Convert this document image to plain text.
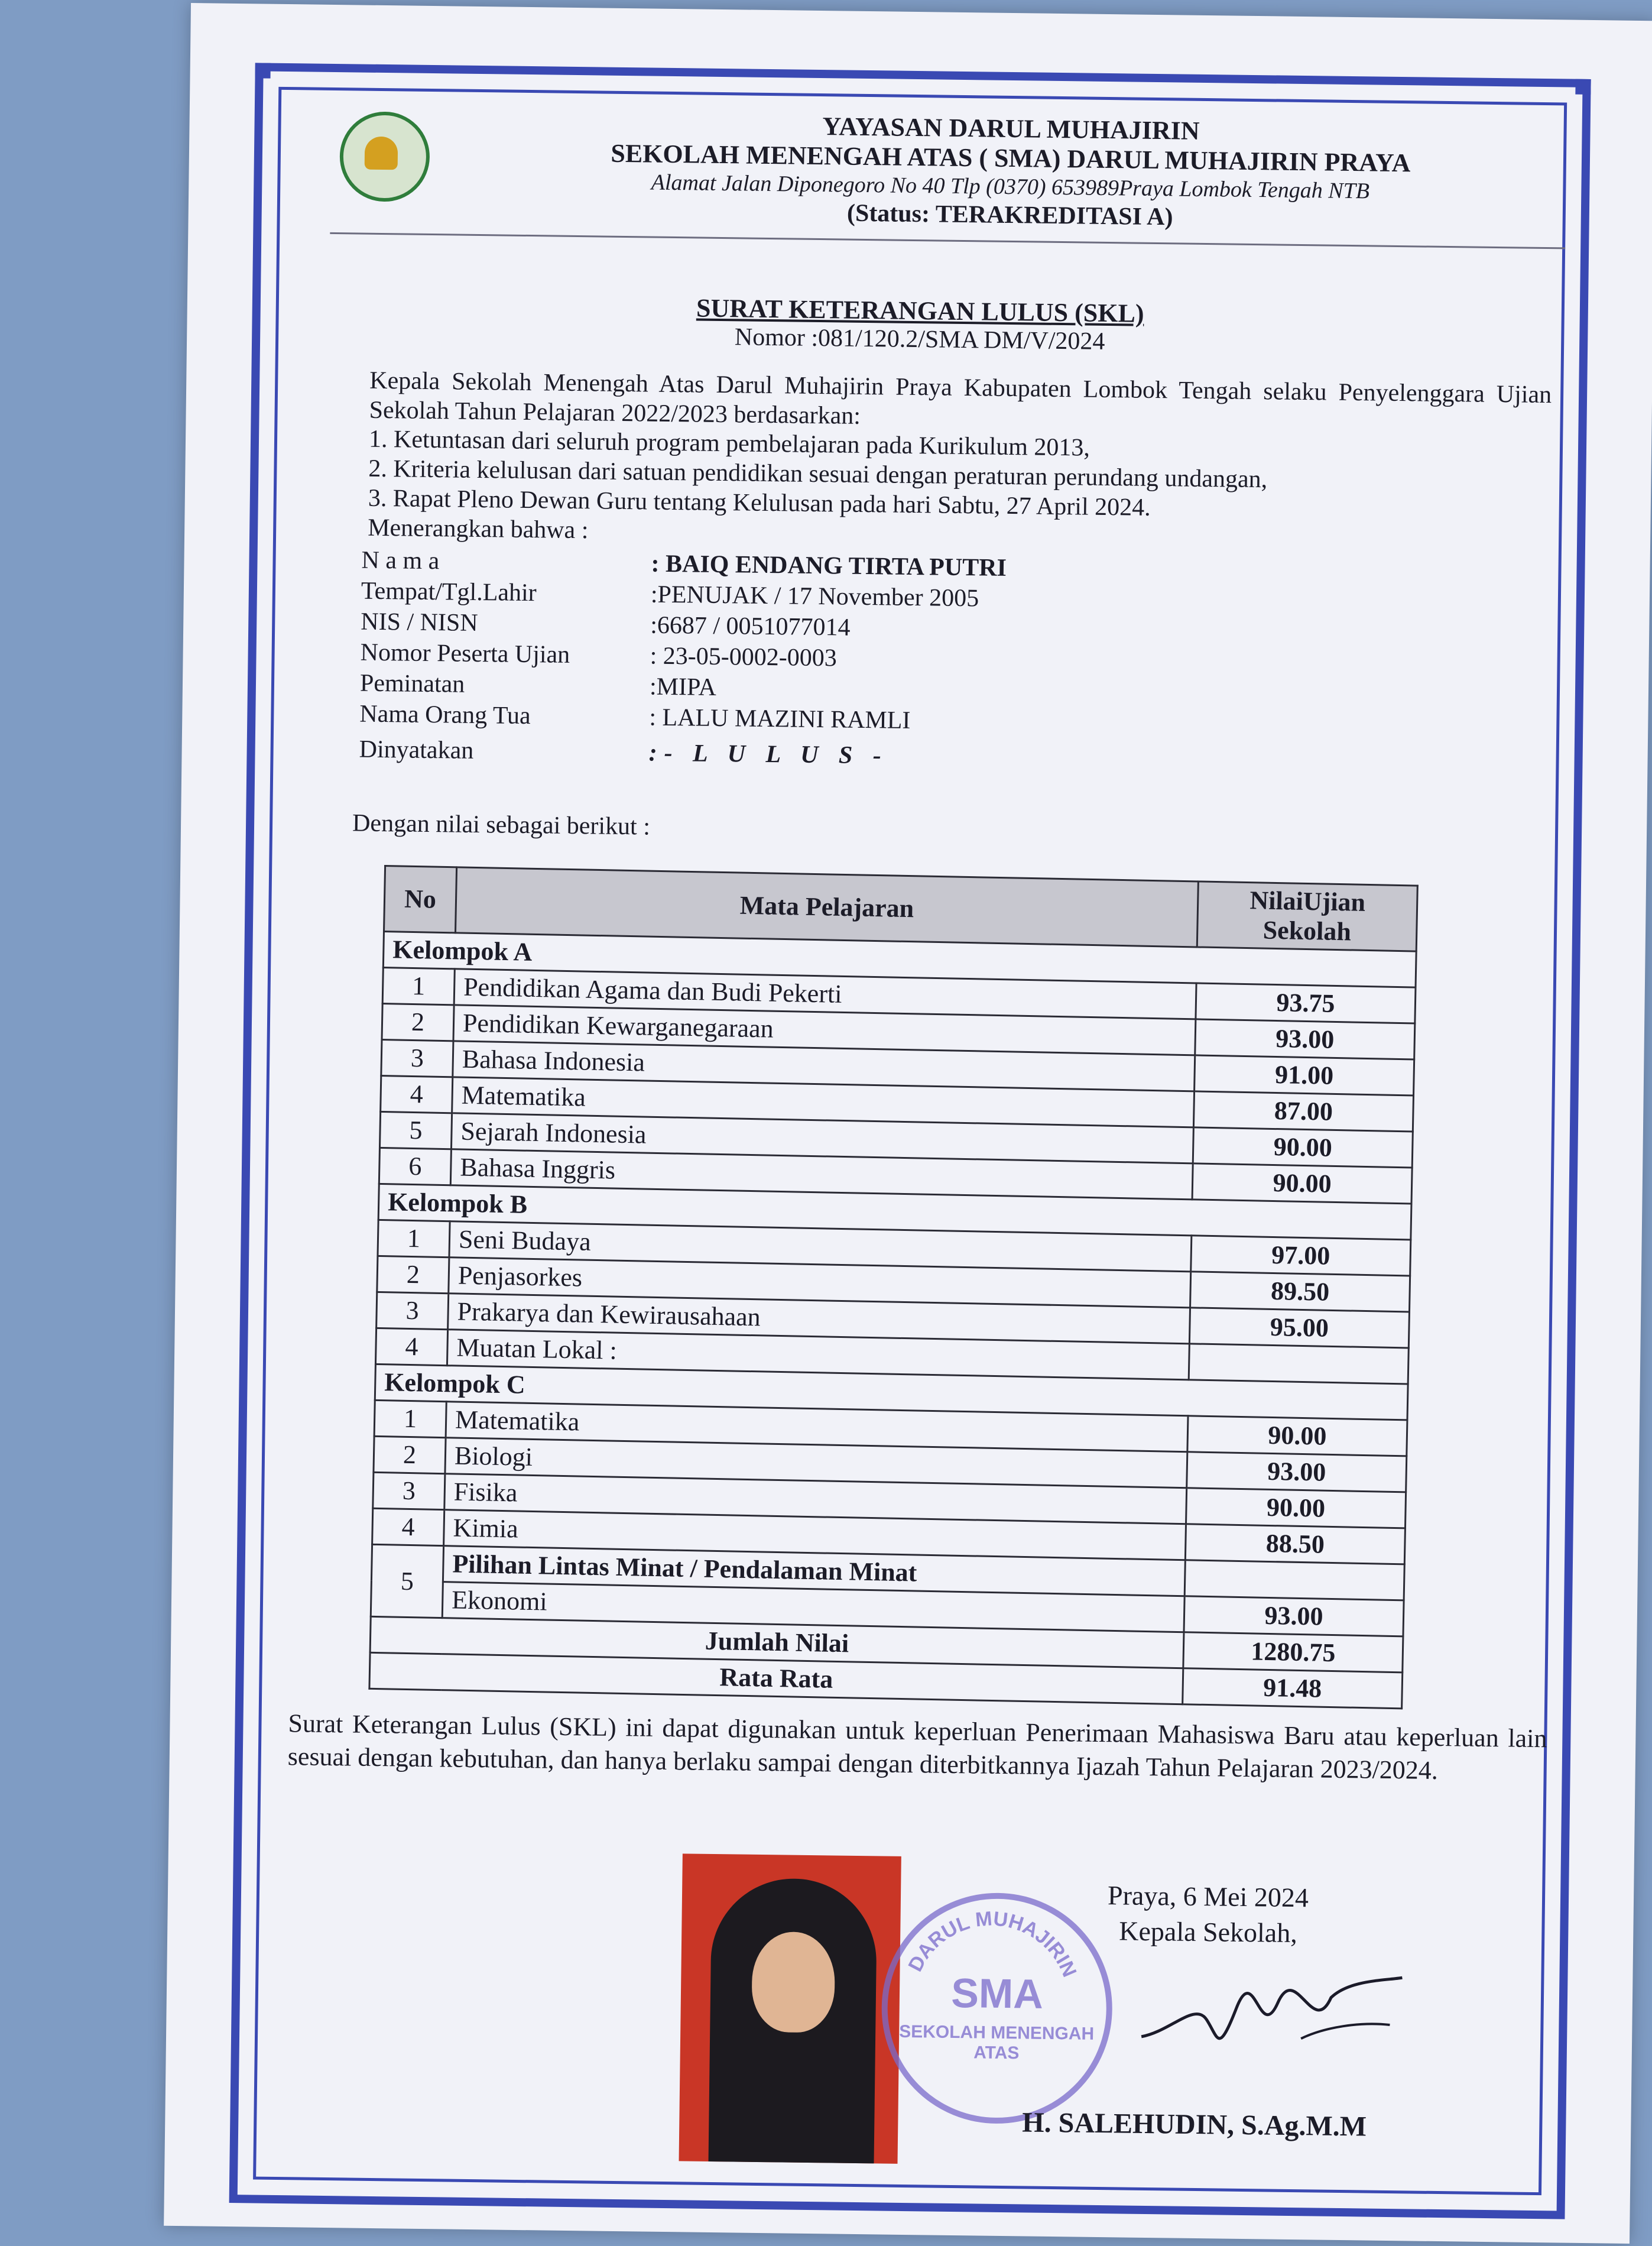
YAYASAN DARUL MUHAJIRIN
SEKOLAH MENENGAH ATAS ( SMA) DARUL MUHAJIRIN PRAYA
Alamat Jalan Diponegoro No 40 Tlp (0370) 653989Praya Lombok Tengah NTB
(Status: TERAKREDITASI A)
SURAT KETERANGAN LULUS (SKL)
Nomor :081/120.2/SMA DM/V/2024
Kepala Sekolah Menengah Atas Darul Muhajirin Praya Kabupaten Lombok Tengah selaku Penyelenggara Ujian Sekolah Tahun Pelajaran 2022/2023 berdasarkan:
1. Ketuntasan dari seluruh program pembelajaran pada Kurikulum 2013,
2. Kriteria kelulusan dari satuan pendidikan sesuai dengan peraturan perundang undangan,
3. Rapat Pleno Dewan Guru tentang Kelulusan pada hari Sabtu, 27 April 2024.
Menerangkan bahwa :
N a m a	: BAIQ ENDANG TIRTA PUTRI
Tempat/Tgl.Lahir	:PENUJAK / 17 November 2005
NIS / NISN	:6687 / 0051077014
Nomor Peserta Ujian	: 23-05-0002-0003
Peminatan	:MIPA
Nama Orang Tua	: LALU MAZINI RAMLI
Dinyatakan	:- L U L U S -
Dengan nilai sebagai berikut :
No	Mata Pelajaran	NilaiUjian
Sekolah
Kelompok A		
1	Pendidikan Agama dan Budi Pekerti	93.75
2	Pendidikan Kewarganegaraan	93.00
3	Bahasa Indonesia	91.00
4	Matematika	87.00
5	Sejarah Indonesia	90.00
6	Bahasa Inggris	90.00
Kelompok B		
1	Seni Budaya	97.00
2	Penjasorkes	89.50
3	Prakarya dan Kewirausahaan	95.00
4	Muatan Lokal :	
Kelompok C		
1	Matematika	90.00
2	Biologi	93.00
3	Fisika	90.00
4	Kimia	88.50
5	Pilihan Lintas Minat / Pendalaman Minat	
	Ekonomi	93.00
Jumlah Nilai		1280.75
Rata Rata		91.48
Surat Keterangan Lulus (SKL) ini dapat digunakan untuk keperluan Penerimaan Mahasiswa Baru atau keperluan lain sesuai dengan kebutuhan, dan hanya berlaku sampai dengan diterbitkannya Ijazah Tahun Pelajaran 2023/2024.
DARUL MUHAJIRIN
SMA
SEKOLAH MENENGAH ATAS
Praya, 6 Mei 2024
Kepala Sekolah,
H. SALEHUDIN, S.Ag.M.M
